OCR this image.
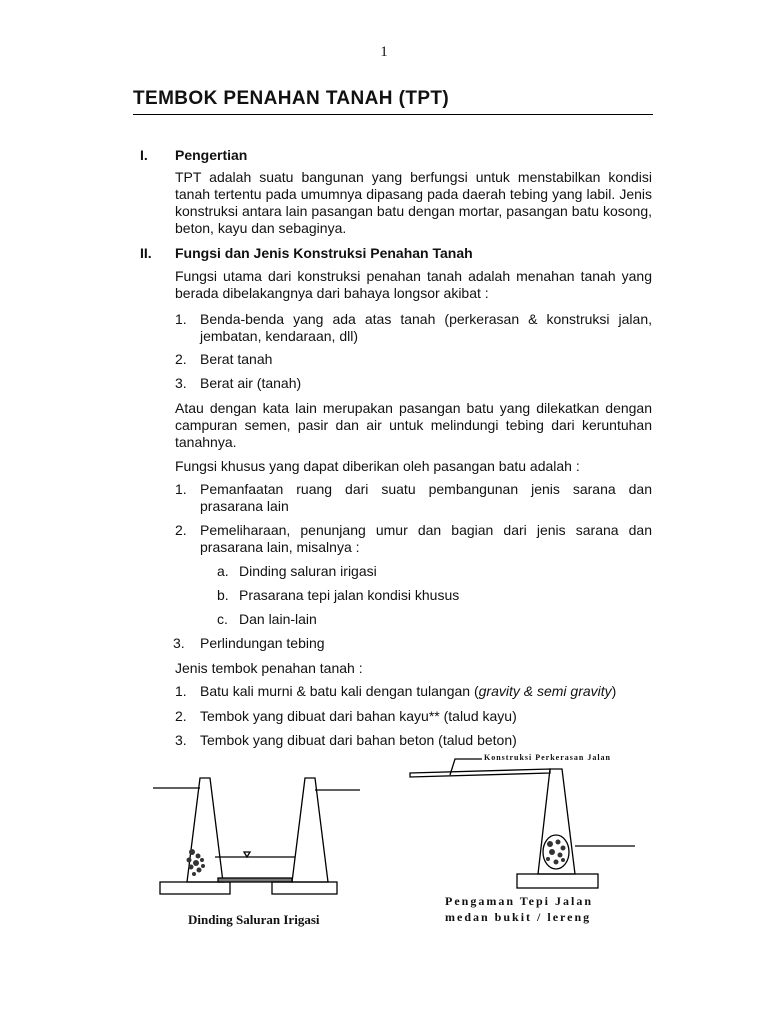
1
TEMBOK PENAHAN TANAH (TPT)
I. Pengertian
TPT adalah suatu bangunan yang berfungsi untuk menstabilkan kondisi tanah tertentu pada umumnya dipasang pada daerah tebing yang labil. Jenis konstruksi antara lain pasangan batu dengan mortar, pasangan batu kosong, beton, kayu dan sebaginya.
II. Fungsi dan Jenis Konstruksi Penahan Tanah
Fungsi utama dari konstruksi penahan tanah adalah menahan tanah yang berada dibelakangnya dari bahaya longsor akibat :
1. Benda-benda yang ada atas tanah (perkerasan & konstruksi jalan, jembatan, kendaraan, dll)
2. Berat tanah
3. Berat air (tanah)
Atau dengan kata lain merupakan pasangan batu yang dilekatkan dengan campuran semen, pasir dan air untuk melindungi tebing dari keruntuhan tanahnya.
Fungsi khusus yang dapat diberikan oleh pasangan batu adalah :
1. Pemanfaatan ruang dari suatu pembangunan jenis sarana dan prasarana lain
2. Pemeliharaan, penunjang umur dan bagian dari jenis sarana dan prasarana lain, misalnya :
a. Dinding saluran irigasi
b. Prasarana tepi jalan kondisi khusus
c. Dan lain-lain
3. Perlindungan tebing
Jenis tembok penahan tanah :
1. Batu kali murni & batu kali dengan tulangan (gravity & semi gravity)
2. Tembok yang dibuat dari bahan kayu** (talud kayu)
3. Tembok yang dibuat dari bahan beton (talud beton)
Dinding Saluran Irigasi
Konstruksi Perkerasan Jalan
Pengaman Tepi Jalan
medan bukit / lereng
